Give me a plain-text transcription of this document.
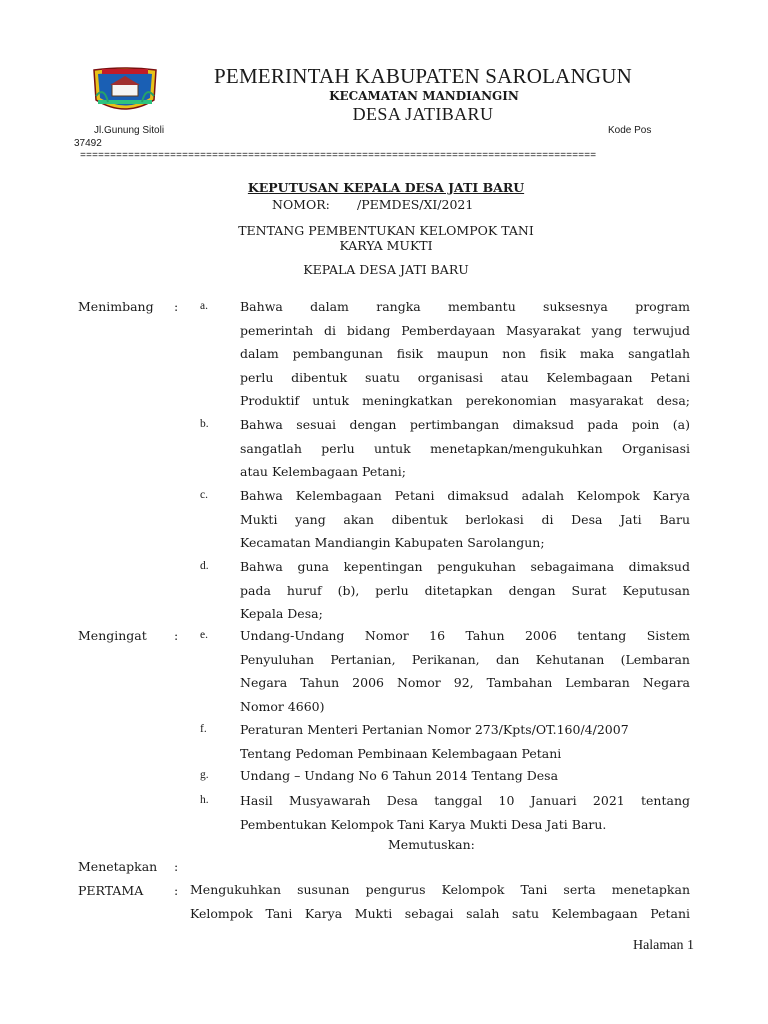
PEMERINTAH KABUPATEN SAROLANGUN
KECAMATAN MANDIANGIN
DESA JATIBARU
Jl.Gunung Sitoli	Kode Pos
37492
======================================================================================
KEPUTUSAN KEPALA DESA JATI BARU
NOMOR: /PEMDES/XI/2021
TENTANG PEMBENTUKAN KELOMPOK TANI
KARYA MUKTI
KEPALA DESA JATI BARU
Menimbang : a.	Bahwa dalam rangka membantu suksesnya program
pemerintah di bidang Pemberdayaan Masyarakat yang terwujud
dalam pembangunan fisik maupun non fisik maka sangatlah
perlu dibentuk suatu organisasi atau Kelembagaan Petani
Produktif untuk meningkatkan perekonomian masyarakat desa;
b.	Bahwa sesuai dengan pertimbangan dimaksud pada poin (a)
sangatlah perlu untuk menetapkan/mengukuhkan Organisasi
atau Kelembagaan Petani;
c.	Bahwa Kelembagaan Petani dimaksud adalah Kelompok Karya
Mukti yang akan dibentuk berlokasi di Desa Jati Baru
Kecamatan Mandiangin Kabupaten Sarolangun;
d.	Bahwa guna kepentingan pengukuhan sebagaimana dimaksud
pada huruf (b), perlu ditetapkan dengan Surat Keputusan
Kepala Desa;
Mengingat : e.	Undang-Undang Nomor 16 Tahun 2006 tentang Sistem
Penyuluhan Pertanian, Perikanan, dan Kehutanan (Lembaran
Negara Tahun 2006 Nomor 92, Tambahan Lembaran Negara
Nomor 4660)
f.	Peraturan Menteri Pertanian Nomor 273/Kpts/OT.160/4/2007
Tentang Pedoman Pembinaan Kelembagaan Petani
g.	Undang – Undang No 6 Tahun 2014 Tentang Desa
h.	Hasil Musyawarah Desa tanggal 10 Januari 2021 tentang
Pembentukan Kelompok Tani Karya Mukti Desa Jati Baru.
Memutuskan:
Menetapkan :
PERTAMA : Mengukuhkan susunan pengurus Kelompok Tani serta menetapkan
Kelompok Tani Karya Mukti sebagai salah satu Kelembagaan Petani
Halaman 1
